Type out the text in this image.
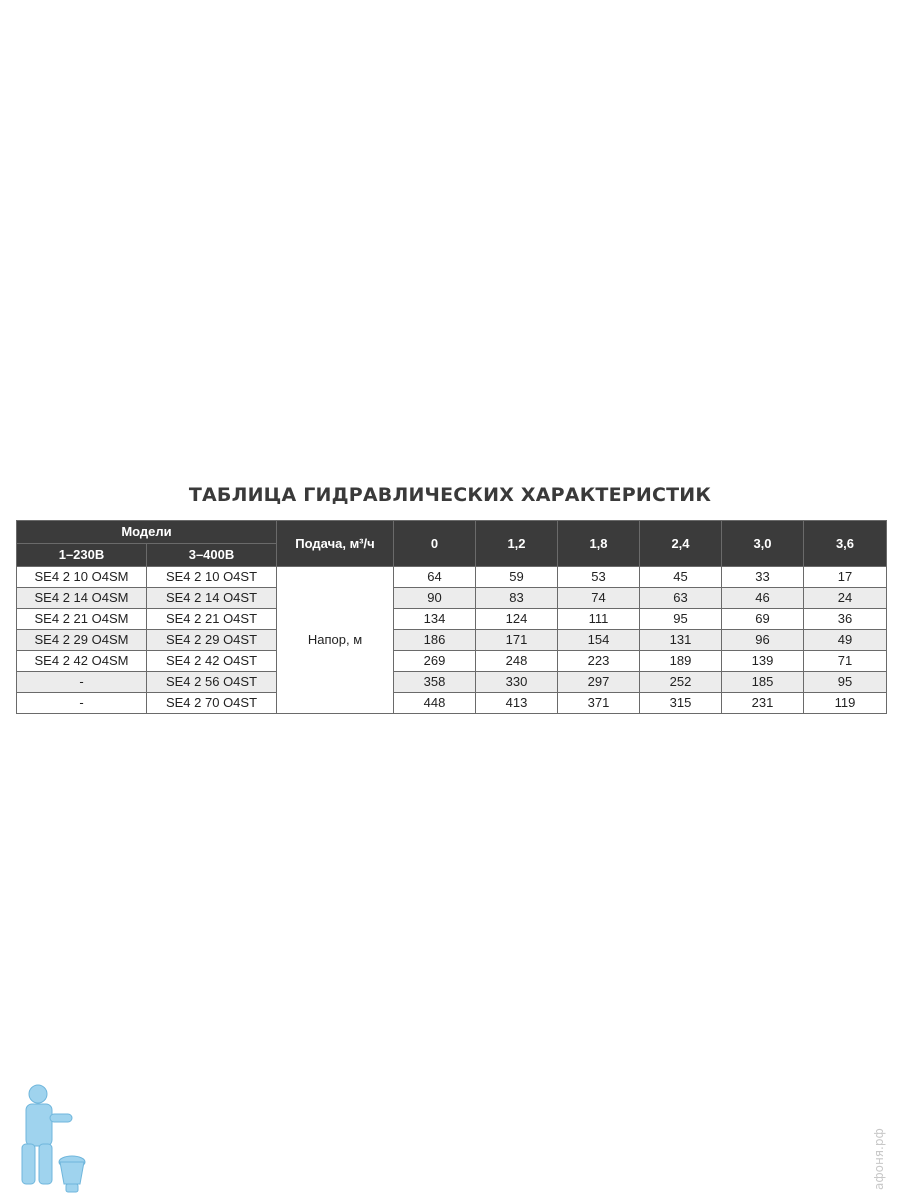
ТАБЛИЦА ГИДРАВЛИЧЕСКИХ ХАРАКТЕРИСТИК
Модели		Подача, м³/ч	0	1,2	1,8	2,4	3,0	3,6
1–230В	3–400В							
SE4 2 10 O4SM	SE4 2 10 O4ST	Напор, м	64	59	53	45	33	17
SE4 2 14 O4SM	SE4 2 14 O4ST		90	83	74	63	46	24
SE4 2 21 O4SM	SE4 2 21 O4ST		134	124	111	95	69	36
SE4 2 29 O4SM	SE4 2 29 O4ST		186	171	154	131	96	49
SE4 2 42 O4SM	SE4 2 42 O4ST		269	248	223	189	139	71
-	SE4 2 56 O4ST		358	330	297	252	185	95
-	SE4 2 70 O4ST		448	413	371	315	231	119
афоня.рф
